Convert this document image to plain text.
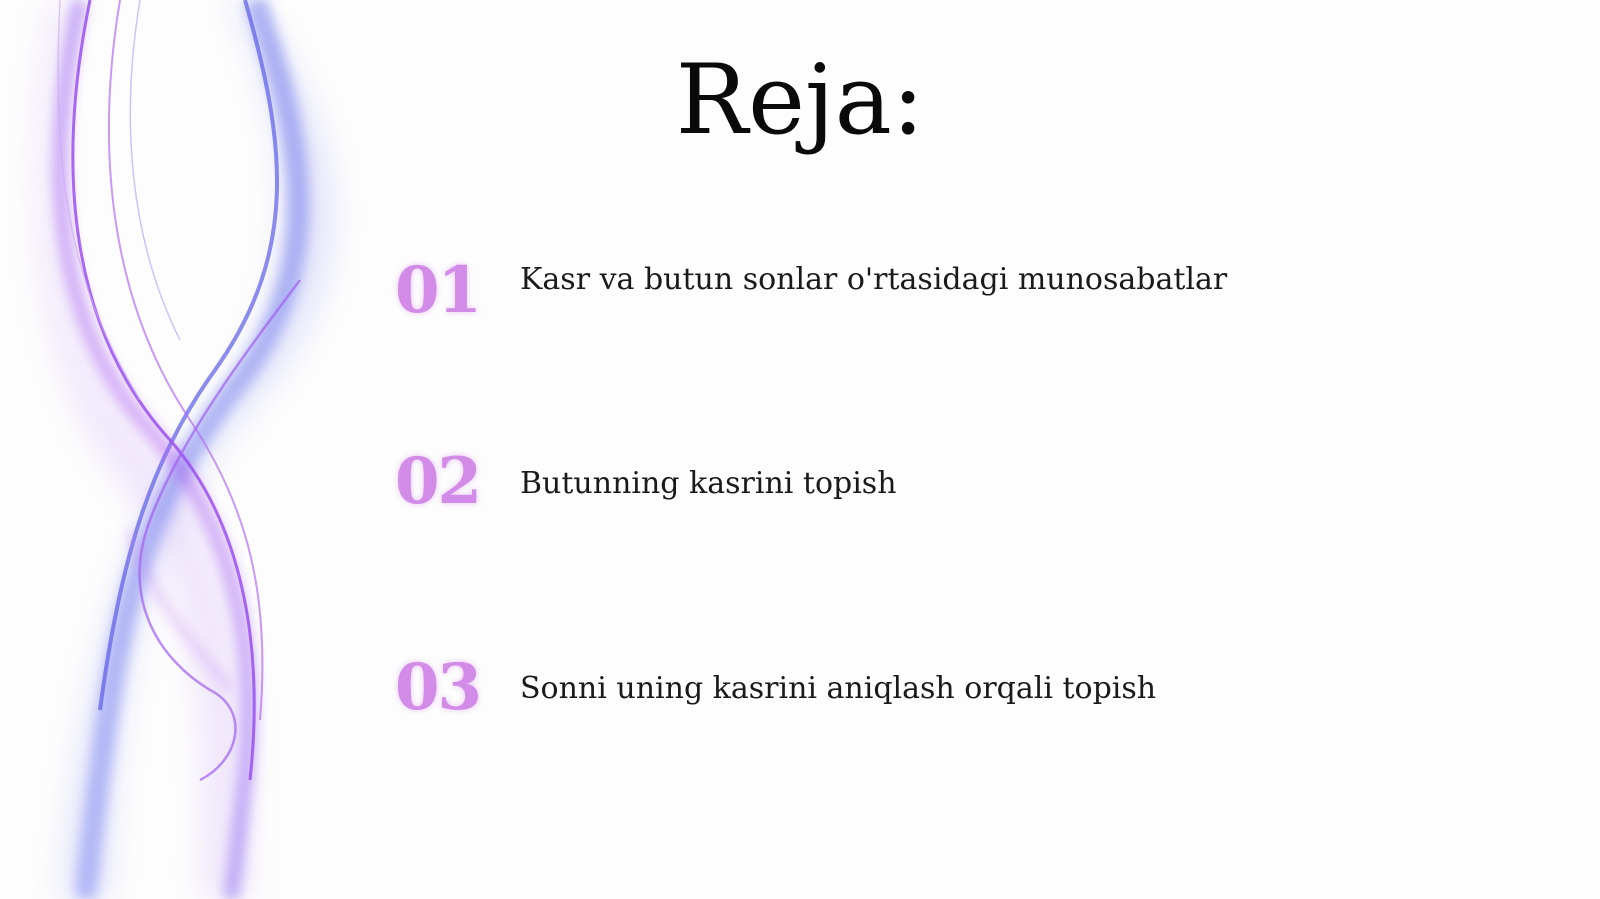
Reja:
01 Kasr va butun sonlar o'rtasidagi munosabatlar
02 Butunning kasrini topish
03 Sonni uning kasrini aniqlash orqali topish
